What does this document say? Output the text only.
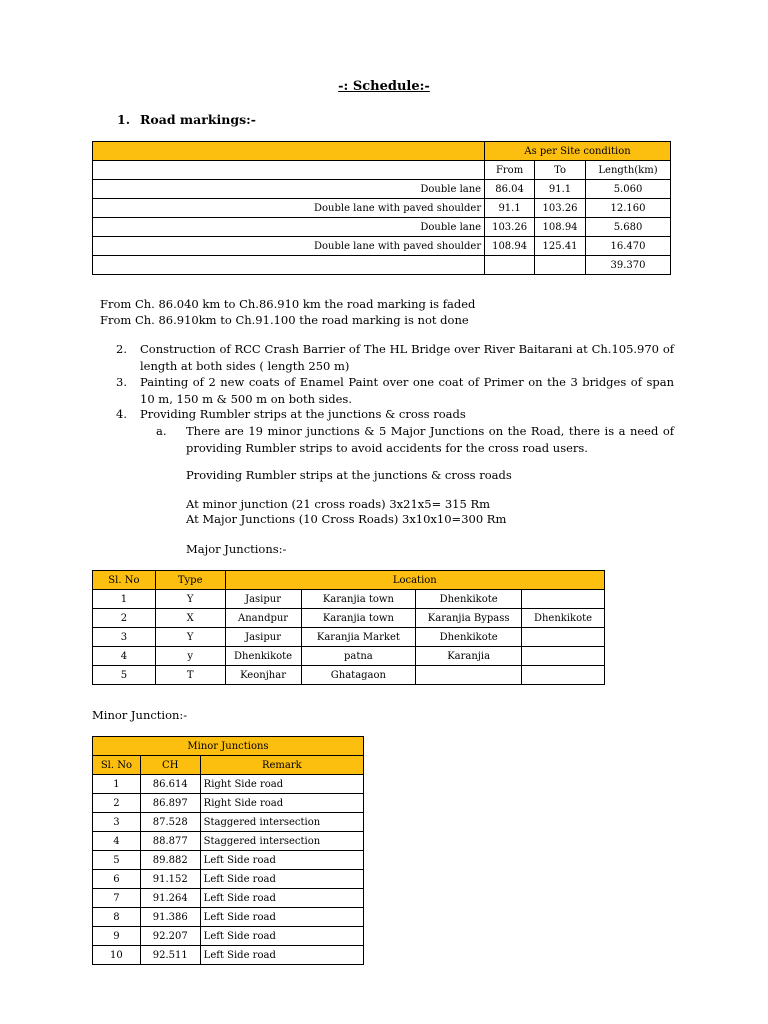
-: Schedule:-
1. Road markings:-
	As per Site condition		
	From	To	Length(km)
Double lane	86.04	91.1	5.060
Double lane with paved shoulder	91.1	103.26	12.160
Double lane	103.26	108.94	5.680
Double lane with paved shoulder	108.94	125.41	16.470
			39.370
From Ch. 86.040 km to Ch.86.910 km the road marking is faded
From Ch. 86.910km to Ch.91.100 the road marking is not done
2. Construction of RCC Crash Barrier of The HL Bridge over River Baitarani at Ch.105.970 of length at both sides ( length 250 m)
3. Painting of 2 new coats of Enamel Paint over one coat of Primer on the 3 bridges of span 10 m, 150 m & 500 m on both sides.
4. Providing Rumbler strips at the junctions & cross roads
a. There are 19 minor junctions & 5 Major Junctions on the Road, there is a need of providing Rumbler strips to avoid accidents for the cross road users.
Providing Rumbler strips at the junctions & cross roads
At minor junction (21 cross roads) 3x21x5= 315 Rm
At Major Junctions (10 Cross Roads) 3x10x10=300 Rm
Major Junctions:-
Sl. No	Type	Location			
1	Y	Jasipur	Karanjia town	Dhenkikote	
2	X	Anandpur	Karanjia town	Karanjia Bypass	Dhenkikote
3	Y	Jasipur	Karanjia Market	Dhenkikote	
4	y	Dhenkikote	patna	Karanjia	
5	T	Keonjhar	Ghatagaon		
Minor Junction:-
Minor Junctions		
Sl. No	CH	Remark
1	86.614	Right Side road
2	86.897	Right Side road
3	87.528	Staggered intersection
4	88.877	Staggered intersection
5	89.882	Left Side road
6	91.152	Left Side road
7	91.264	Left Side road
8	91.386	Left Side road
9	92.207	Left Side road
10	92.511	Left Side road
